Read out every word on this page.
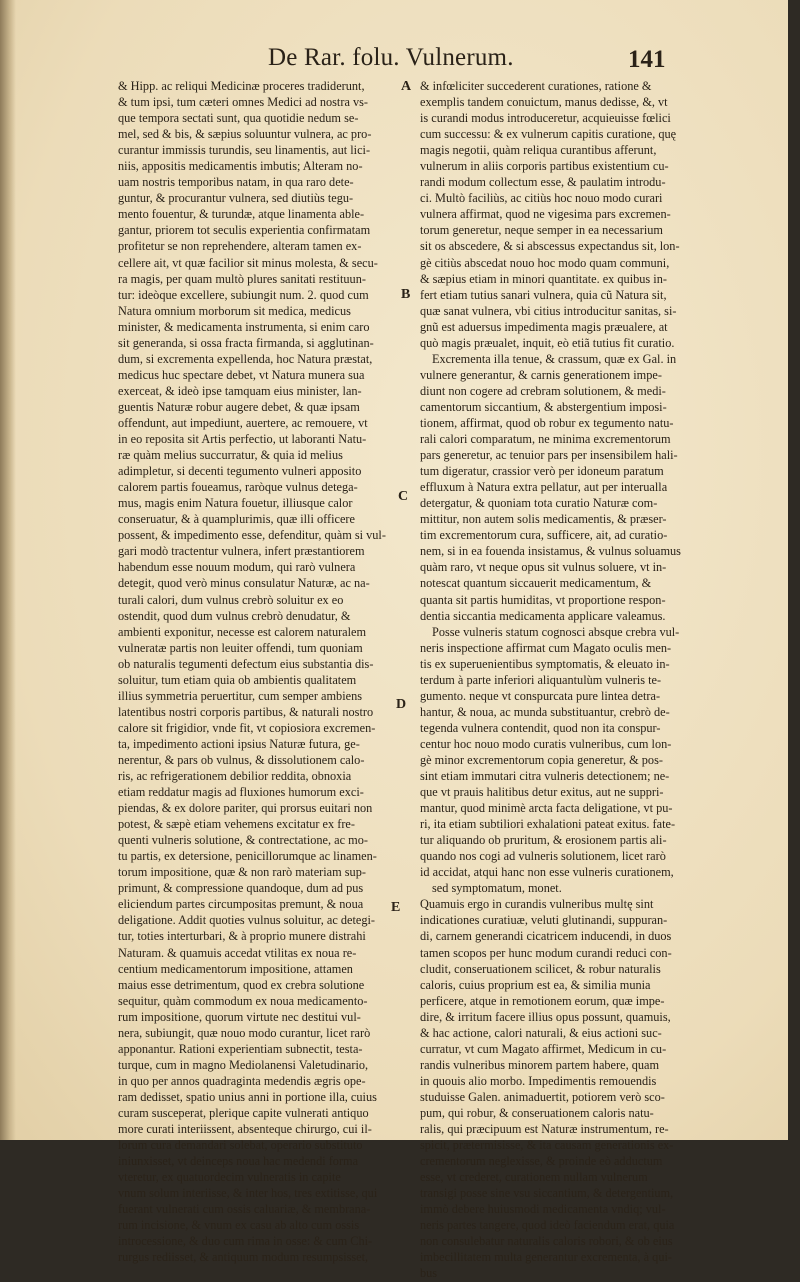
De Rar. folu. Vulnerum.	141
& Hipp. ac reliqui Medicinæ proceres tradiderunt,
& tum ipsi, tum cæteri omnes Medici ad nostra vs-
que tempora sectati sunt, qua quotidie nedum se-
mel, sed & bis, & sæpius soluuntur vulnera, ac pro-
curantur immissis turundis, seu linamentis, aut lici-
niis, appositis medicamentis imbutis; Alteram no-
uam nostris temporibus natam, in qua raro dete-
guntur, & procurantur vulnera, sed diutiùs tegu-
mento fouentur, & turundæ, atque linamenta able-
gantur, priorem tot seculis experientia confirmatam
profitetur se non reprehendere, alteram tamen ex-
cellere ait, vt quæ facilior sit minus molesta, & secu-
ra magis, per quam multò plures sanitati restituun-
tur: ideòque excellere, subiungit num. 2. quod cum
Natura omnium morborum sit medica, medicus
minister, & medicamenta instrumenta, si enim caro
sit generanda, si ossa fracta firmanda, si agglutinan-
dum, si excrementa expellenda, hoc Natura præstat,
medicus huc spectare debet, vt Natura munera sua
exerceat, & ideò ipse tamquam eius minister, lan-
guentis Naturæ robur augere debet, & quæ ipsam
offendunt, aut impediunt, auertere, ac remouere, vt
in eo reposita sit Artis perfectio, ut laboranti Natu-
ræ quàm melius succurratur, & quia id melius
adimpletur, si decenti tegumento vulneri apposito
calorem partis foueamus, raròque vulnus detega-
mus, magis enim Natura fouetur, illiusque calor
conseruatur, & à quamplurimis, quæ illi officere
possent, & impedimento esse, defenditur, quàm si vul-
gari modò tractentur vulnera, infert præstantiorem
habendum esse nouum modum, qui rarò vulnera
detegit, quod verò minus consulatur Naturæ, ac na-
turali calori, dum vulnus crebrò soluitur ex eo
ostendit, quod dum vulnus crebrò denudatur, &
ambienti exponitur, necesse est calorem naturalem
vulneratæ partis non leuiter offendi, tum quoniam
ob naturalis tegumenti defectum eius substantia dis-
soluitur, tum etiam quia ob ambientis qualitatem
illius symmetria peruertitur, cum semper ambiens
latentibus nostri corporis partibus, & naturali nostro
calore sit frigidior, vnde fit, vt copiosiora excremen-
ta, impedimento actioni ipsius Naturæ futura, ge-
nerentur, & pars ob vulnus, & dissolutionem calo-
ris, ac refrigerationem debilior reddita, obnoxia
etiam reddatur magis ad fluxiones humorum exci-
piendas, & ex dolore pariter, qui prorsus euitari non
potest, & sæpè etiam vehemens excitatur ex fre-
quenti vulneris solutione, & contrectatione, ac mo-
tu partis, ex detersione, penicillorumque ac linamen-
torum impositione, quæ & non rarò materiam sup-
primunt, & compressione quandoque, dum ad pus
eliciendum partes circumpositas premunt, & noua
deligatione. Addit quoties vulnus soluitur, ac detegi-
tur, toties interturbari, & à proprio munere distrahi
Naturam. & quamuis accedat vtilitas ex noua re-
centium medicamentorum impositione, attamen
maius esse detrimentum, quod ex crebra solutione
sequitur, quàm commodum ex noua medicamento-
rum impositione, quorum virtute nec destitui vul-
nera, subiungit, quæ nouo modo curantur, licet rarò
apponantur. Rationi experientiam subnectit, testa-
turque, cum in magno Mediolanensi Valetudinario,
in quo per annos quadraginta medendis ægris ope-
ram dedisset, spatio unius anni in portione illa, cuius
curam susceperat, plerique capite vulnerati antiquo
more curati interiissent, absenteque chirurgo, cui il-
lorum cura demandari solebat, operario substituto
iniunxisset, vt deinceps noua hac medendi forma
vteretur, ex quatuordecim vulneratis in capite
vnum solum interiisse, & inter hos, tres extitisse, qui
fuerant vulnerati cum ossis caluariæ, & membrana-
rum incisione, & vnum ex casu ab alto cum ossis
introcessione, & duo cum rima in osse: & cum Chi-
rurgus rediisset, & antiquum modum resumpsisset,
A
B
C
D
E
& infœliciter succederent curationes, ratione &
exemplis tandem conuictum, manus dedisse, &, vt
is curandi modus introduceretur, acquieuisse fœlici
cum successu: & ex vulnerum capitis curatione, quę
magis negotii, quàm reliqua curantibus afferunt,
vulnerum in aliis corporis partibus existentium cu-
randi modum collectum esse, & paulatim introdu-
ci. Multò faciliùs, ac citiùs hoc nouo modo curari
vulnera affirmat, quod ne vigesima pars excremen-
torum generetur, neque semper in ea necessarium
sit os abscedere, & si abscessus expectandus sit, lon-
gè citiùs abscedat nouo hoc modo quam communi,
& sæpius etiam in minori quantitate. ex quibus in-
fert etiam tutius sanari vulnera, quia cũ Natura sit,
quæ sanat vulnera, vbi citius introducitur sanitas, si-
gnũ est aduersus impedimenta magis præualere, at
quò magis præualet, inquit, eò etiã tutius fit curatio.
Excrementa illa tenue, & crassum, quæ ex Gal. in
vulnere generantur, & carnis generationem impe-
diunt non cogere ad crebram solutionem, & medi-
camentorum siccantium, & abstergentium imposi-
tionem, affirmat, quod ob robur ex tegumento natu-
rali calori comparatum, ne minima excrementorum
pars generetur, ac tenuior pars per insensibilem hali-
tum digeratur, crassior verò per idoneum paratum
effluxum à Natura extra pellatur, aut per interualla
detergatur, & quoniam tota curatio Naturæ com-
mittitur, non autem solis medicamentis, & præser-
tim excrementorum cura, sufficere, ait, ad curatio-
nem, si in ea fouenda insistamus, & vulnus soluamus
quàm raro, vt neque opus sit vulnus soluere, vt in-
notescat quantum siccauerit medicamentum, &
quanta sit partis humiditas, vt proportione respon-
dentia siccantia medicamenta applicare valeamus.
Posse vulneris statum cognosci absque crebra vul-
neris inspectione affirmat cum Magato oculis men-
tis ex superuenientibus symptomatis, & eleuato in-
terdum à parte inferiori aliquantulùm vulneris te-
gumento. neque vt conspurcata pure lintea detra-
hantur, & noua, ac munda substituantur, crebrò de-
tegenda vulnera contendit, quod non ita conspur-
centur hoc nouo modo curatis vulneribus, cum lon-
gè minor excrementorum copia generetur, & pos-
sint etiam immutari citra vulneris detectionem; ne-
que vt prauis halitibus detur exitus, aut ne suppri-
mantur, quod minimè arcta facta deligatione, vt pu-
ri, ita etiam subtiliori exhalationi pateat exitus. fate-
tur aliquando ob pruritum, & erosionem partis ali-
quando nos cogi ad vulneris solutionem, licet rarò
id accidat, atqui hanc non esse vulneris curationem,
sed symptomatum, monet.
Quamuis ergo in curandis vulneribus multę sint
indicationes curatiuæ, veluti glutinandi, suppuran-
di, carnem generandi cicatricem inducendi, in duos
tamen scopos per hunc modum curandi reduci con-
cludit, conseruationem scilicet, & robur naturalis
caloris, cuius proprium est ea, & similia munia
perficere, atque in remotionem eorum, quæ impe-
dire, & irritum facere illius opus possunt, quamuis,
& hac actione, calori naturali, & eius actioni suc-
curratur, vt cum Magato affirmet, Medicum in cu-
randis vulneribus minorem partem habere, quam
in quouis alio morbo. Impedimentis remouendis
studuisse Galen. animaduertit, potiorem verò sco-
pum, qui robur, & conseruationem caloris natu-
ralis, qui præcipuum est Naturæ instrumentum, re-
spicit, prætermisisse, & ita causam generationis ex-
crementorum neglexisse, & proinde eò adductum
esse, vt crederet, curationem nullam vulnerum
transigi posse sine vsu siccantium, & detergentium,
immò debere huiusmodi medicamenta vndiq; vul-
neris partes tangere, quod ideò faciendum erat, quia
non consulebatur naturalis caloris robori, & ob eius
imbecillitatem multa generantur excrementa, à qui-
bus
